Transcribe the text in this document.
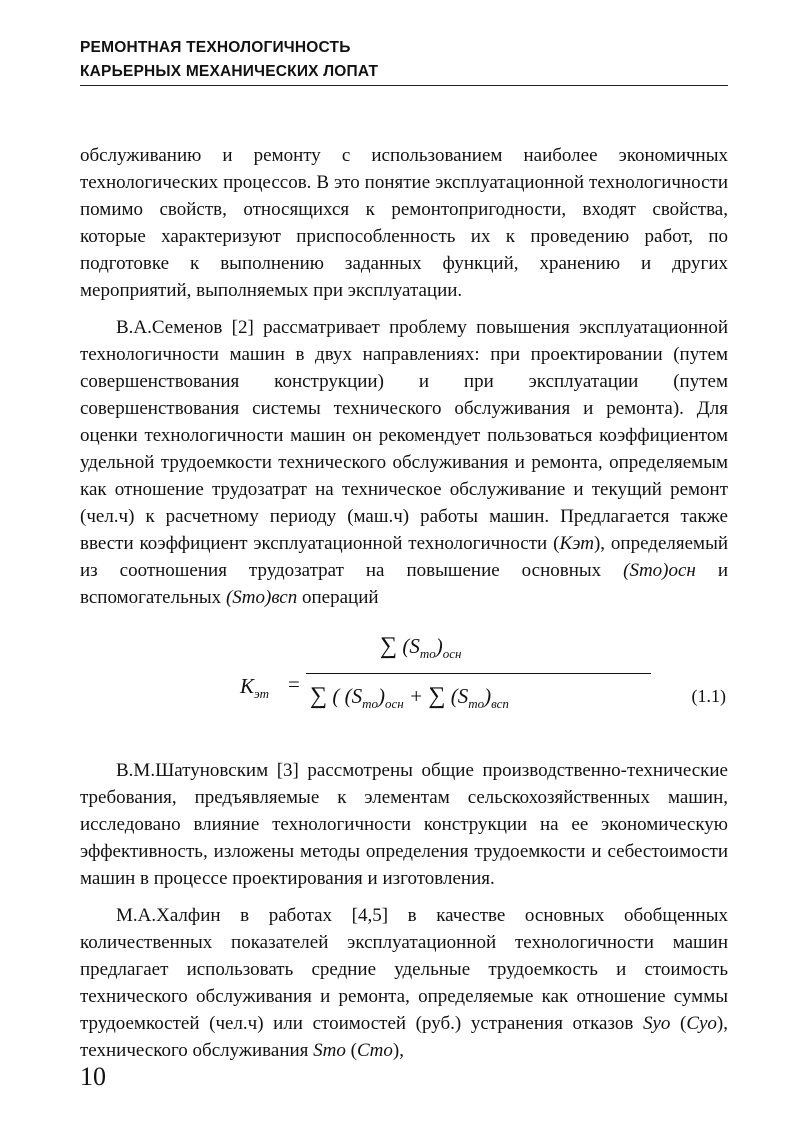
РЕМОНТНАЯ ТЕХНОЛОГИЧНОСТЬ
КАРЬЕРНЫХ МЕХАНИЧЕСКИХ ЛОПАТ

обслуживанию и ремонту с использованием наиболее экономичных технологических процессов. В это понятие эксплуатационной технологичности помимо свойств, относящихся к ремонтопригодности, входят свойства, которые характеризуют приспособленность их к проведению работ, по подготовке к выполнению заданных функций, хранению и других мероприятий, выполняемых при эксплуатации.

В.А.Семенов [2] рассматривает проблему повышения эксплуатационной технологичности машин в двух направлениях: при проектировании (путем совершенствования конструкции) и при эксплуатации (путем совершенствования системы технического обслуживания и ремонта). Для оценки технологичности машин он рекомендует пользоваться коэффициентом удельной трудоемкости технического обслуживания и ремонта, определяемым как отношение трудозатрат на техническое обслуживание и текущий ремонт (чел.ч) к расчетному периоду (маш.ч) работы машин. Предлагается также ввести коэффициент эксплуатационной технологичности (Kэт), определяемый из соотношения трудозатрат на повышение основных (Sто)осн и вспомогательных (Sто)всп операций

$K_{эт}$ =
∑ $(S_{то})_{осн}$
∑ ( $(S_{то})_{осн}$ + ∑ $(S_{то})_{всп}$	(1.1)

В.М.Шатуновским [3] рассмотрены общие производственно-технические требования, предъявляемые к элементам сельскохозяйственных машин, исследовано влияние технологичности конструкции на ее экономическую эффективность, изложены методы определения трудоемкости и себестоимости машин в процессе проектирования и изготовления.

М.А.Халфин в работах [4,5] в качестве основных обобщенных количественных показателей эксплуатационной технологичности машин предлагает использовать средние удельные трудоемкость и стоимость технического обслуживания и ремонта, определяемые как отношение суммы трудоемкостей (чел.ч) или стоимостей (руб.) устранения отказов Syo (Cyo), технического обслуживания Smo (Cmo),

10
